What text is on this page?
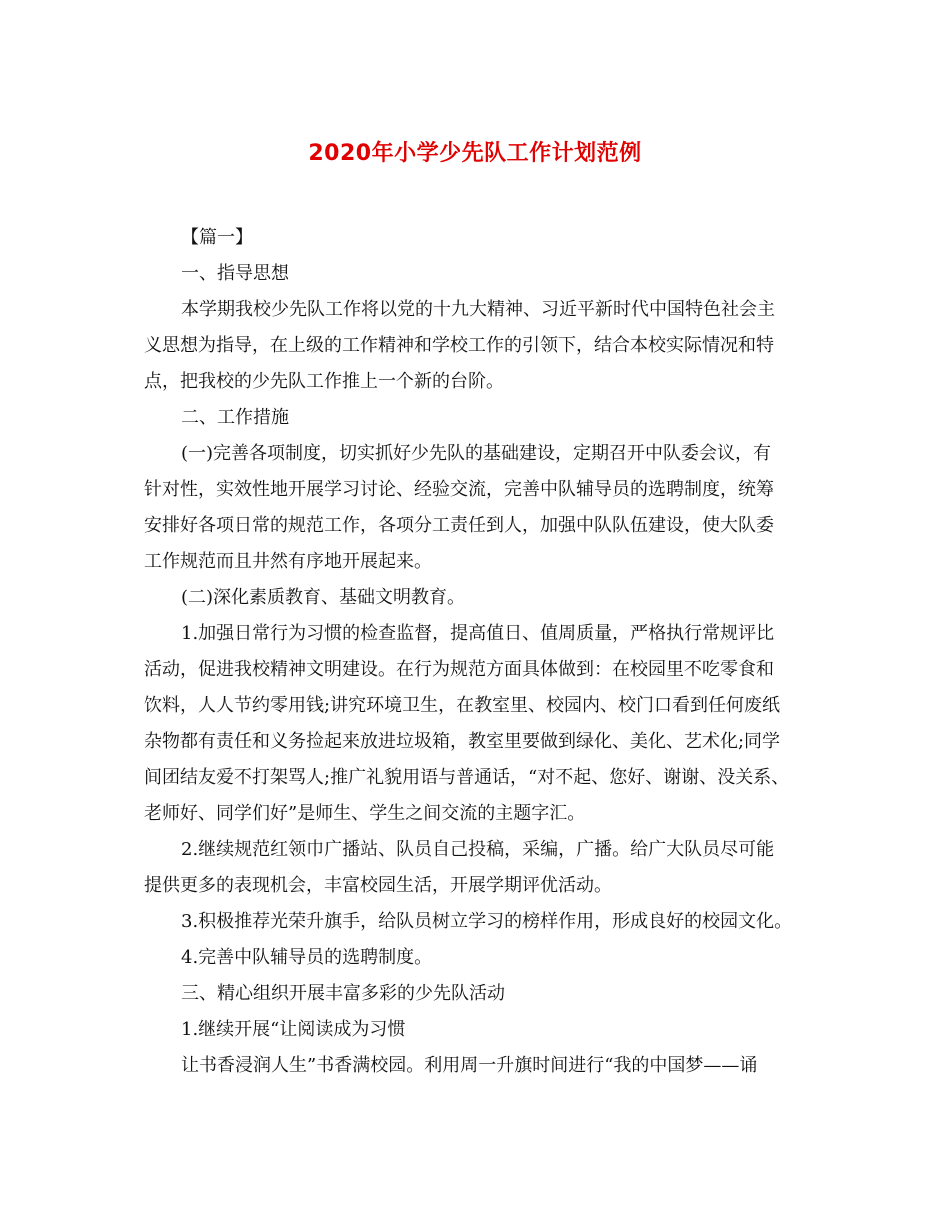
2020年小学少先队工作计划范例

【篇一】

一、指导思想

本学期我校少先队工作将以党的十九大精神、习近平新时代中国特色社会主

义思想为指导，在上级的工作精神和学校工作的引领下，结合本校实际情况和特

点，把我校的少先队工作推上一个新的台阶。

二、工作措施

(一)完善各项制度，切实抓好少先队的基础建设，定期召开中队委会议，有

针对性，实效性地开展学习讨论、经验交流，完善中队辅导员的选聘制度，统筹

安排好各项日常的规范工作，各项分工责任到人，加强中队队伍建设，使大队委

工作规范而且井然有序地开展起来。

(二)深化素质教育、基础文明教育。

1.加强日常行为习惯的检查监督，提高值日、值周质量，严格执行常规评比

活动，促进我校精神文明建设。在行为规范方面具体做到：在校园里不吃零食和

饮料，人人节约零用钱;讲究环境卫生，在教室里、校园内、校门口看到任何废纸

杂物都有责任和义务捡起来放进垃圾箱，教室里要做到绿化、美化、艺术化;同学

间团结友爱不打架骂人;推广礼貌用语与普通话，“对不起、您好、谢谢、没关系、

老师好、同学们好”是师生、学生之间交流的主题字汇。

2.继续规范红领巾广播站、队员自己投稿，采编，广播。给广大队员尽可能

提供更多的表现机会，丰富校园生活，开展学期评优活动。

3.积极推荐光荣升旗手，给队员树立学习的榜样作用，形成良好的校园文化。

4.完善中队辅导员的选聘制度。

三、精心组织开展丰富多彩的少先队活动

1.继续开展“让阅读成为习惯

让书香浸润人生”书香满校园。利用周一升旗时间进行“我的中国梦——诵
